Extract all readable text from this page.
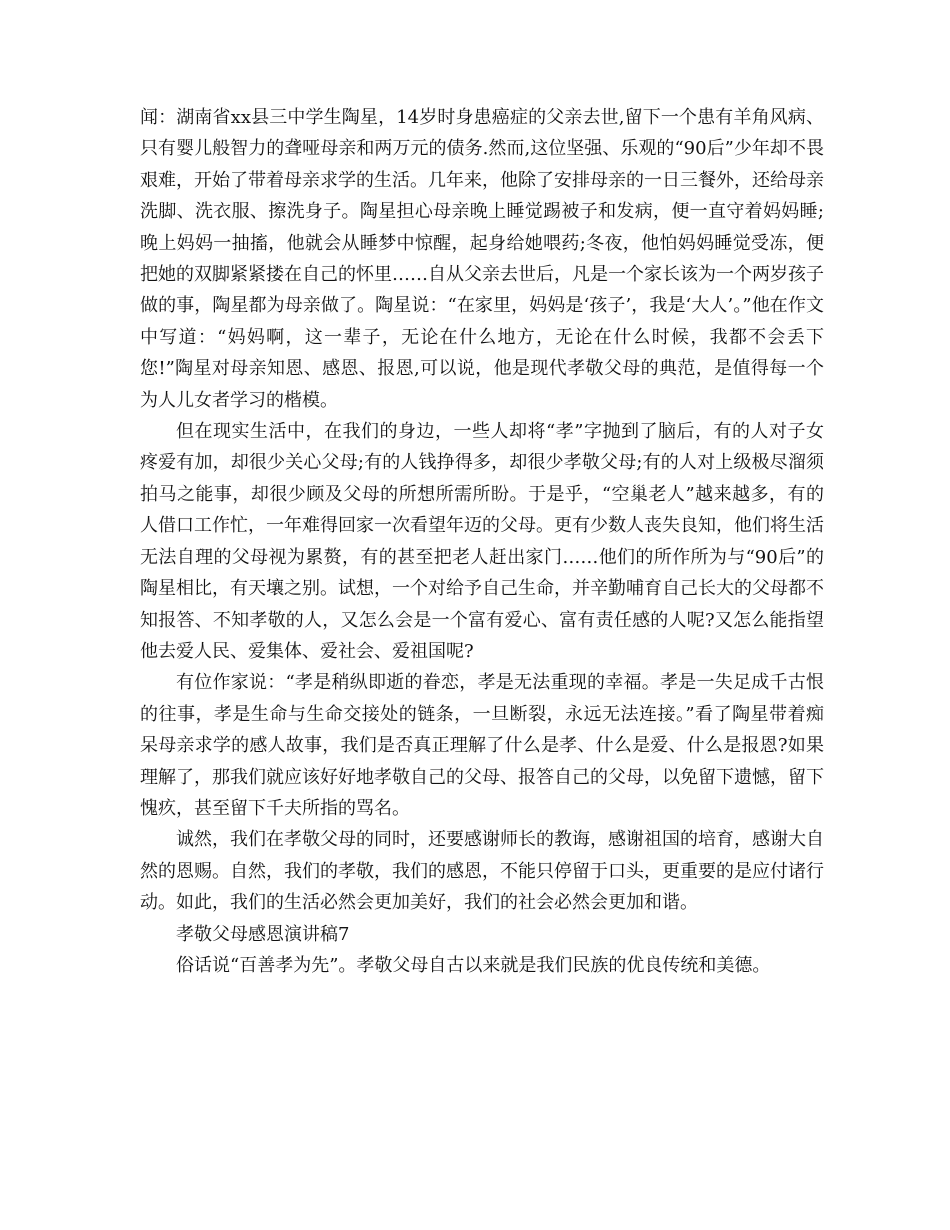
闻：湖南省xx县三中学生陶星，14岁时身患癌症的父亲去世,留下一个患有羊角风病、只有婴儿般智力的聋哑母亲和两万元的债务.然而,这位坚强、乐观的“90后”少年却不畏艰难，开始了带着母亲求学的生活。几年来，他除了安排母亲的一日三餐外，还给母亲洗脚、洗衣服、擦洗身子。陶星担心母亲晚上睡觉踢被子和发病，便一直守着妈妈睡;晚上妈妈一抽搐，他就会从睡梦中惊醒，起身给她喂药;冬夜，他怕妈妈睡觉受冻，便把她的双脚紧紧搂在自己的怀里……自从父亲去世后，凡是一个家长该为一个两岁孩子做的事，陶星都为母亲做了。陶星说：“在家里，妈妈是‘孩子’，我是‘大人’。”他在作文中写道：“妈妈啊，这一辈子，无论在什么地方，无论在什么时候，我都不会丢下您!”陶星对母亲知恩、感恩、报恩,可以说，他是现代孝敬父母的典范，是值得每一个为人儿女者学习的楷模。

但在现实生活中，在我们的身边，一些人却将“孝”字抛到了脑后，有的人对子女疼爱有加，却很少关心父母;有的人钱挣得多，却很少孝敬父母;有的人对上级极尽溜须拍马之能事，却很少顾及父母的所想所需所盼。于是乎，“空巢老人”越来越多，有的人借口工作忙，一年难得回家一次看望年迈的父母。更有少数人丧失良知，他们将生活无法自理的父母视为累赘，有的甚至把老人赶出家门……他们的所作所为与“90后”的陶星相比，有天壤之别。试想，一个对给予自己生命，并辛勤哺育自己长大的父母都不知报答、不知孝敬的人，又怎么会是一个富有爱心、富有责任感的人呢?又怎么能指望他去爱人民、爱集体、爱社会、爱祖国呢?

有位作家说：“孝是稍纵即逝的眷恋，孝是无法重现的幸福。孝是一失足成千古恨的往事，孝是生命与生命交接处的链条，一旦断裂，永远无法连接。”看了陶星带着痴呆母亲求学的感人故事，我们是否真正理解了什么是孝、什么是爱、什么是报恩?如果理解了，那我们就应该好好地孝敬自己的父母、报答自己的父母，以免留下遗憾，留下愧疚，甚至留下千夫所指的骂名。

诚然，我们在孝敬父母的同时，还要感谢师长的教诲，感谢祖国的培育，感谢大自然的恩赐。自然，我们的孝敬，我们的感恩，不能只停留于口头，更重要的是应付诸行动。如此，我们的生活必然会更加美好，我们的社会必然会更加和谐。

孝敬父母感恩演讲稿7

俗话说“百善孝为先”。孝敬父母自古以来就是我们民族的优良传统和美德。
